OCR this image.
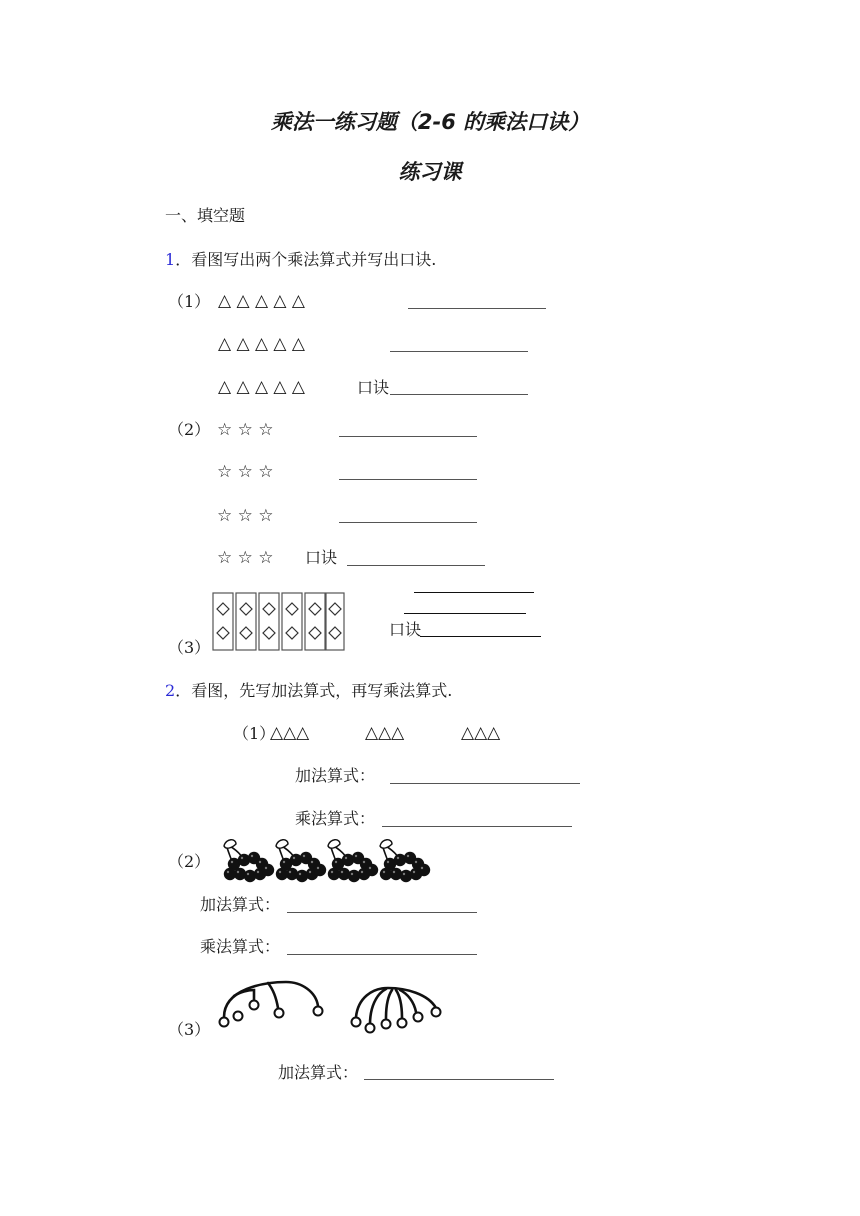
乘法一练习题（2-6 的乘法口诀）
练习课
一、填空题
1．看图写出两个乘法算式并写出口诀.
（1） △ △ △ △ △
△ △ △ △ △
△ △ △ △ △	口诀
（2） ☆ ☆ ☆
☆ ☆ ☆
☆ ☆ ☆
☆ ☆ ☆ 口诀
（3）
口诀
2．看图，先写加法算式，再写乘法算式.
（1）
△△△	△△△	△△△
加法算式：
乘法算式：
（2）
加法算式：
乘法算式：
（3）
加法算式：
